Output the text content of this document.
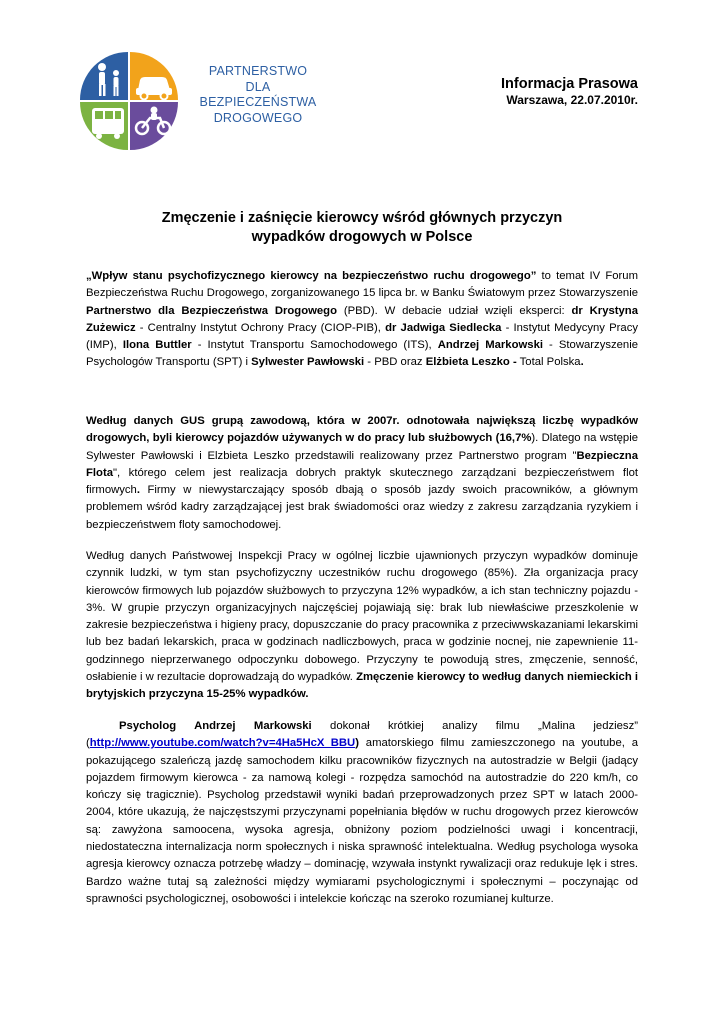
PARTNERSTWO
DLA
BEZPIECZEŃSTWA
DROGOWEGO
Informacja Prasowa
Warszawa, 22.07.2010r.
Zmęczenie i zaśnięcie kierowcy wśród głównych przyczyn
wypadków drogowych w Polsce

„Wpływ stanu psychofizycznego kierowcy na bezpieczeństwo ruchu drogowego” to temat IV Forum Bezpieczeństwa Ruchu Drogowego, zorganizowanego 15 lipca br. w Banku Światowym przez Stowarzyszenie Partnerstwo dla Bezpieczeństwa Drogowego (PBD). W debacie udział wzięli eksperci: dr Krystyna Zużewicz - Centralny Instytut Ochrony Pracy (CIOP-PIB), dr Jadwiga Siedlecka - Instytut Medycyny Pracy (IMP), Ilona Buttler - Instytut Transportu Samochodowego (ITS), Andrzej Markowski - Stowarzyszenie Psychologów Transportu (SPT) i Sylwester Pawłowski - PBD oraz Elżbieta Leszko - Total Polska.

Według danych GUS grupą zawodową, która w 2007r. odnotowała największą liczbę wypadków drogowych, byli kierowcy pojazdów używanych w do pracy lub służbowych (16,7%). Dlatego na wstępie Sylwester Pawłowski i Elzbieta Leszko przedstawili realizowany przez Partnerstwo program "Bezpieczna Flota", którego celem jest realizacja dobrych praktyk skutecznego zarządzani bezpieczeństwem flot firmowych. Firmy w niewystarczający sposób dbają o sposób jazdy swoich pracowników, a głównym problemem wśród kadry zarządzającej jest brak świadomości oraz wiedzy z zakresu zarządzania ryzykiem i bezpieczeństwem floty samochodowej.

Według danych Państwowej Inspekcji Pracy w ogólnej liczbie ujawnionych przyczyn wypadków dominuje czynnik ludzki, w tym stan psychofizyczny uczestników ruchu drogowego (85%). Zła organizacja pracy kierowców firmowych lub pojazdów służbowych to przyczyna 12% wypadków, a ich stan techniczny pojazdu - 3%. W grupie przyczyn organizacyjnych najczęściej pojawiają się: brak lub niewłaściwe przeszkolenie w zakresie bezpieczeństwa i higieny pracy, dopuszczanie do pracy pracownika z przeciwwskazaniami lekarskimi lub bez badań lekarskich, praca w godzinach nadliczbowych, praca w godzinie nocnej, nie zapewnienie 11-godzinnego nieprzerwanego odpoczynku dobowego. Przyczyny te powodują stres, zmęczenie, senność, osłabienie i w rezultacie doprowadzają do wypadków. Zmęczenie kierowcy to według danych niemieckich i brytyjskich przyczyna 15-25% wypadków.

Psycholog Andrzej Markowski dokonał krótkiej analizy filmu „Malina jedziesz” (http://www.youtube.com/watch?v=4Ha5HcX_BBU) amatorskiego filmu zamieszczonego na youtube, a pokazującego szaleńczą jazdę samochodem kilku pracowników fizycznych na autostradzie w Belgii (jadący pojazdem firmowym kierowca - za namową kolegi - rozpędza samochód na autostradzie do 220 km/h, co kończy się tragicznie). Psycholog przedstawił wyniki badań przeprowadzonych przez SPT w latach 2000-2004, które ukazują, że najczęstszymi przyczynami popełniania błędów w ruchu drogowych przez kierowców są: zawyżona samoocena, wysoka agresja, obniżony poziom podzielności uwagi i koncentracji, niedostateczna internalizacja norm społecznych i niska sprawność intelektualna. Według psychologa wysoka agresja kierowcy oznacza potrzebę władzy – dominację, wzywała instynkt rywalizacji oraz redukuje lęk i stres. Bardzo ważne tutaj są zależności między wymiarami psychologicznymi i społecznymi – poczynając od sprawności psychologicznej, osobowości i intelekcie kończąc na szeroko rozumianej kulturze.
